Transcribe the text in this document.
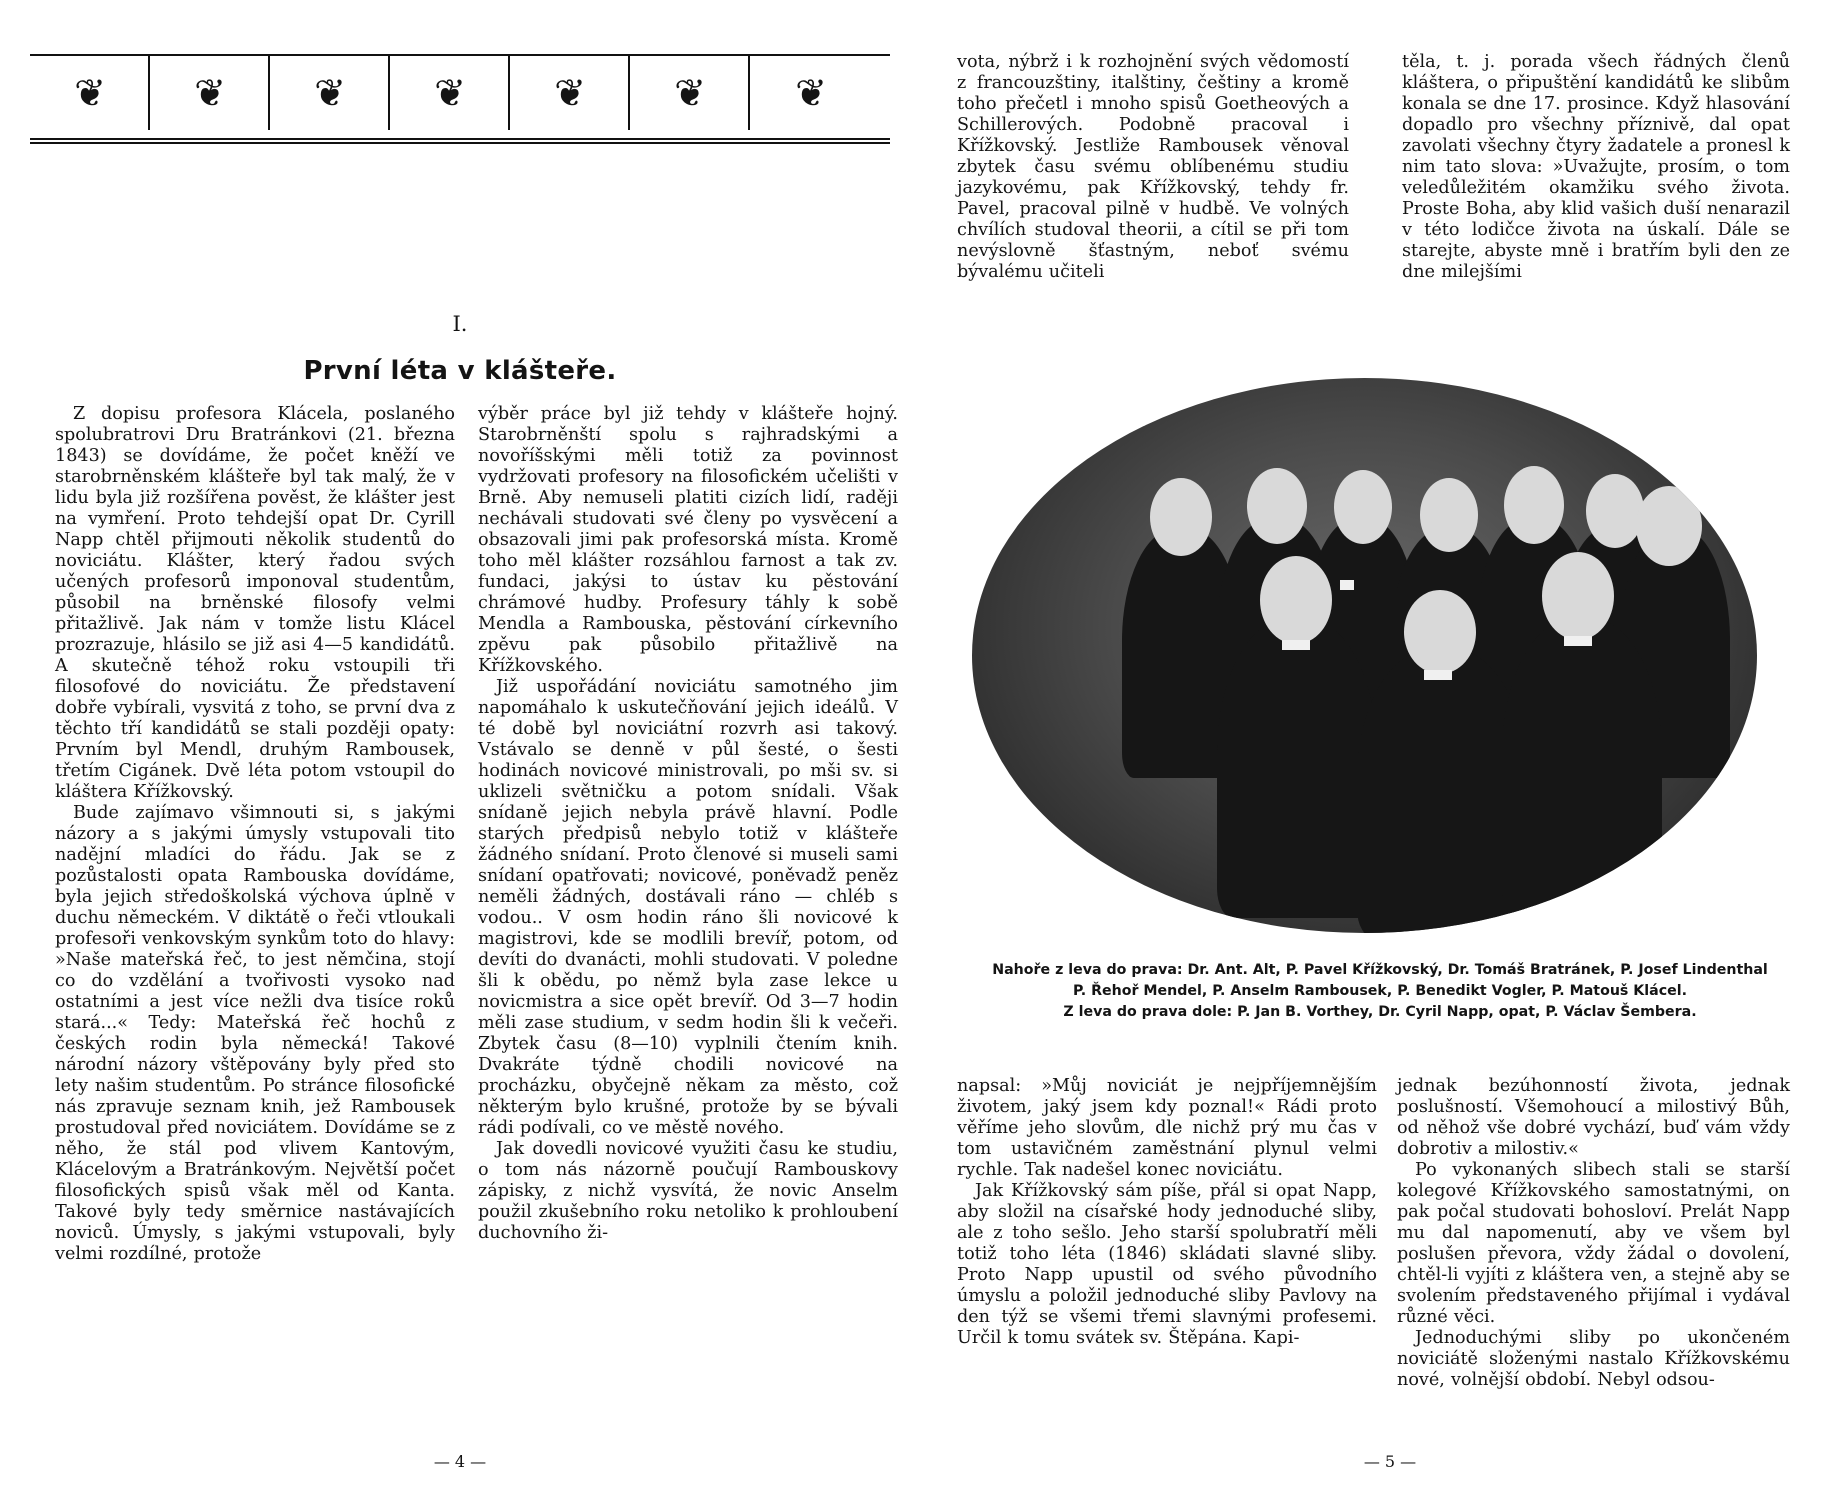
❦ ❦ ❦ ❦ ❦ ❦ ❦
I.
První léta v klášteře.

Z dopisu profesora Klácela, poslaného spolubratrovi Dru Bratránkovi (21. března 1843) se dovídáme, že počet kněží ve starobrněnském klášteře byl tak malý, že v lidu byla již rozšířena pověst, že klášter jest na vymření. Proto tehdejší opat Dr. Cyrill Napp chtěl přijmouti několik studentů do noviciátu. Klášter, který řadou svých učených profesorů imponoval studentům, působil na brněnské filosofy velmi přitažlivě. Jak nám v tomže listu Klácel prozrazuje, hlásilo se již asi 4—5 kandidátů. A skutečně téhož roku vstoupili tři filosofové do noviciátu. Že představení dobře vybírali, vysvitá z toho, se první dva z těchto tří kandidátů se stali později opaty: Prvním byl Mendl, druhým Rambousek, třetím Cigánek. Dvě léta potom vstoupil do kláštera Křížkovský.

Bude zajímavo všimnouti si, s jakými názory a s jakými úmysly vstupovali tito nadějní mladíci do řádu. Jak se z pozůstalosti opata Rambouska dovídáme, byla jejich středoškolská výchova úplně v duchu německém. V diktátě o řeči vtloukali profesoři venkovským synkům toto do hlavy: »Naše mateřská řeč, to jest němčina, stojí co do vzdělání a tvořivosti vysoko nad ostatními a jest více nežli dva tisíce roků stará...« Tedy: Mateřská řeč hochů z českých rodin byla německá! Takové národní názory vštěpovány byly před sto lety našim studentům. Po stránce filosofické nás zpravuje seznam knih, jež Rambousek prostudoval před noviciátem. Dovídáme se z něho, že stál pod vlivem Kantovým, Klácelovým a Bratránkovým. Největší počet filosofických spisů však měl od Kanta. Takové byly tedy směrnice nastávajících noviců. Úmysly, s jakými vstupovali, byly velmi rozdílné, protože

výběr práce byl již tehdy v klášteře hojný. Starobrněnští spolu s rajhradskými a novoříšskými měli totiž za povinnost vydržovati profesory na filosofickém učelišti v Brně. Aby nemuseli platiti cizích lidí, raději nechávali studovati své členy po vysvěcení a obsazovali jimi pak profesorská místa. Kromě toho měl klášter rozsáhlou farnost a tak zv. fundaci, jakýsi to ústav ku pěstování chrámové hudby. Profesury táhly k sobě Mendla a Rambouska, pěstování církevního zpěvu pak působilo přitažlivě na Křížkovského.

Již uspořádání noviciátu samotného jim napomáhalo k uskutečňování jejich ideálů. V té době byl noviciátní rozvrh asi takový. Vstávalo se denně v půl šesté, o šesti hodinách novicové ministrovali, po mši sv. si uklizeli světničku a potom snídali. Však snídaně jejich nebyla právě hlavní. Podle starých předpisů nebylo totiž v klášteře žádného snídaní. Proto členové si museli sami snídaní opatřovati; novicové, poněvadž peněz neměli žádných, dostávali ráno — chléb s vodou.. V osm hodin ráno šli novicové k magistrovi, kde se modlili brevíř, potom, od devíti do dvanácti, mohli studovati. V poledne šli k obědu, po němž byla zase lekce u novicmistra a sice opět brevíř. Od 3—7 hodin měli zase studium, v sedm hodin šli k večeři. Zbytek času (8—10) vyplnili čtením knih. Dvakráte týdně chodili novicové na procházku, obyčejně někam za město, což některým bylo krušné, protože by se bývali rádi podívali, co ve městě nového.

Jak dovedli novicové využiti času ke studiu, o tom nás názorně poučují Rambouskovy zápisky, z nichž vysvítá, že novic Anselm použil zkušebního roku netoliko k prohloubení duchovního ži-

— 4 —

vota, nýbrž i k rozhojnění svých vědomostí z francouzštiny, italštiny, češtiny a kromě toho přečetl i mnoho spisů Goetheových a Schillerových. Podobně pracoval i Křížkovský. Jestliže Rambousek věnoval zbytek času svému oblíbenému studiu jazykovému, pak Křížkovský, tehdy fr. Pavel, pracoval pilně v hudbě. Ve volných chvílích studoval theorii, a cítil se při tom nevýslovně šťastným, neboť svému bývalému učiteli

těla, t. j. porada všech řádných členů kláštera, o připuštění kandidátů ke slibům konala se dne 17. prosince. Když hlasování dopadlo pro všechny příznivě, dal opat zavolati všechny čtyry žadatele a pronesl k nim tato slova: »Uvažujte, prosím, o tom veledůležitém okamžiku svého života. Proste Boha, aby klid vašich duší nenarazil v této lodičce života na úskalí. Dále se starejte, abyste mně i bratřím byli den ze dne milejšími

Nahoře z leva do prava: Dr. Ant. Alt, P. Pavel Křížkovský, Dr. Tomáš Bratránek, P. Josef Lindenthal
P. Řehoř Mendel, P. Anselm Rambousek, P. Benedikt Vogler, P. Matouš Klácel.
Z leva do prava dole: P. Jan B. Vorthey, Dr. Cyril Napp, opat, P. Václav Šembera.

napsal: »Můj noviciát je nejpříjemnějším životem, jaký jsem kdy poznal!« Rádi proto věříme jeho slovům, dle nichž prý mu čas v tom ustavičném zaměstnání plynul velmi rychle. Tak nadešel konec noviciátu.

Jak Křížkovský sám píše, přál si opat Napp, aby složil na císařské hody jednoduché sliby, ale z toho sešlo. Jeho starší spolubratří měli totiž toho léta (1846) skládati slavné sliby. Proto Napp upustil od svého původního úmyslu a položil jednoduché sliby Pavlovy na den týž se všemi třemi slavnými profesemi. Určil k tomu svátek sv. Štěpána. Kapi-

jednak bezúhonností života, jednak poslušností. Všemohoucí a milostivý Bůh, od něhož vše dobré vychází, buď vám vždy dobrotiv a milostiv.«

Po vykonaných slibech stali se starší kolegové Křížkovského samostatnými, on pak počal studovati bohosloví. Prelát Napp mu dal napomenutí, aby ve všem byl poslušen převora, vždy žádal o dovolení, chtěl-li vyjíti z kláštera ven, a stejně aby se svolením představeného přijímal i vydával různé věci.

Jednoduchými sliby po ukončeném noviciátě složenými nastalo Křížkovskému nové, volnější období. Nebyl odsou-

— 5 —
